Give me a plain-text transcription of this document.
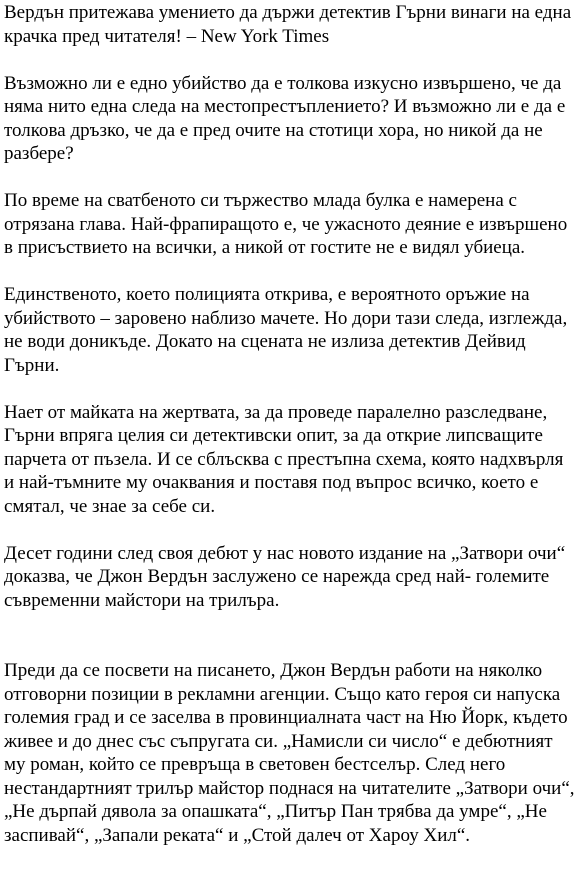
Вердън притежава умението да държи детектив Гърни винаги на една крачка пред читателя! – New York Times

Възможно ли е едно убийство да е толкова изкусно извършено, че да няма нито една следа на местопрестъплението? И възможно ли е да е толкова дръзко, че да е пред очите на стотици хора, но никой да не разбере?

По време на сватбеното си тържество млада булка е намерена с отрязана глава. Най-фрапиращото е, че ужасното деяние е извършено в присъствието на всички, а никой от гостите не е видял убиеца.

Единственото, което полицията открива, е вероятното оръжие на убийството – заровено наблизо мачете. Но дори тази следа, изглежда, не води доникъде. Докато на сцената не излиза детектив Дейвид Гърни.

Нает от майката на жертвата, за да проведе паралелно разследване, Гърни впряга целия си детективски опит, за да открие липсващите парчета от пъзела. И се сблъсква с престъпна схема, която надхвърля и най-тъмните му очаквания и поставя под въпрос всичко, което е смятал, че знае за себе си.

Десет години след своя дебют у нас новото издание на „Затвори очи“ доказва, че Джон Вердън заслужено се нарежда сред най- големите съвременни майстори на трилъра.

Преди да се посвети на писането, Джон Вердън работи на няколко отговорни позиции в рекламни агенции. Също като героя си напуска големия град и се заселва в провинциалната част на Ню Йорк, където живее и до днес със съпругата си. „Намисли си число“ е дебютният му роман, който се превръща в световен бестселър. След него нестандартният трилър майстор поднася на читателите „Затвори очи“, „Не дърпай дявола за опашката“, „Питър Пан трябва да умре“, „Не заспивай“, „Запали реката“ и „Стой далеч от Хароу Хил“.
